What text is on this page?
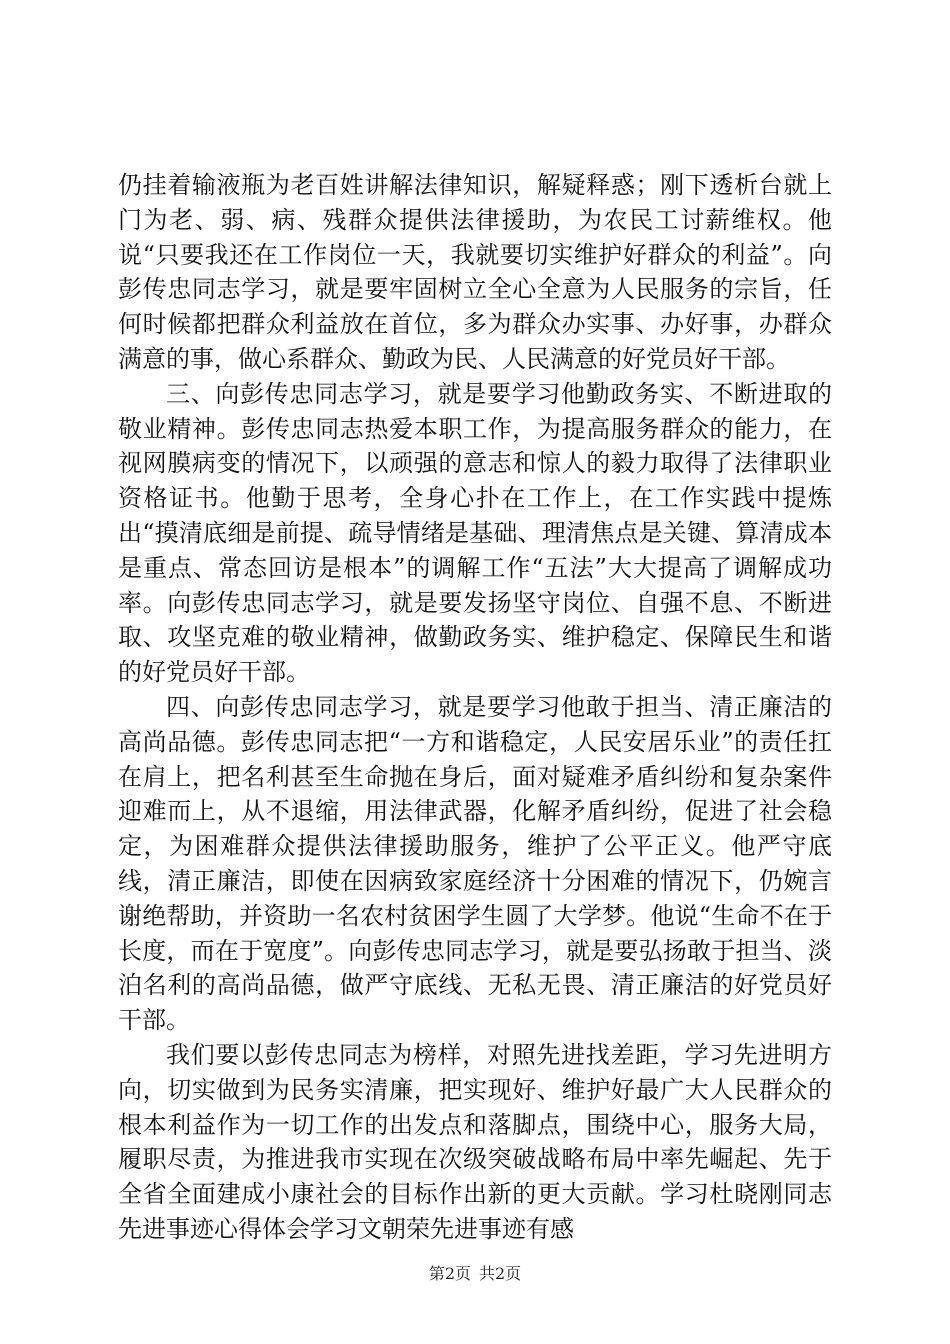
仍挂着输液瓶为老百姓讲解法律知识，解疑释惑；刚下透析台就上门为老、弱、病、残群众提供法律援助，为农民工讨薪维权。他说“只要我还在工作岗位一天，我就要切实维护好群众的利益”。向彭传忠同志学习，就是要牢固树立全心全意为人民服务的宗旨，任何时候都把群众利益放在首位，多为群众办实事、办好事，办群众满意的事，做心系群众、勤政为民、人民满意的好党员好干部。

三、向彭传忠同志学习，就是要学习他勤政务实、不断进取的敬业精神。彭传忠同志热爱本职工作，为提高服务群众的能力，在视网膜病变的情况下，以顽强的意志和惊人的毅力取得了法律职业资格证书。他勤于思考，全身心扑在工作上，在工作实践中提炼出“摸清底细是前提、疏导情绪是基础、理清焦点是关键、算清成本是重点、常态回访是根本”的调解工作“五法”大大提高了调解成功率。向彭传忠同志学习，就是要发扬坚守岗位、自强不息、不断进取、攻坚克难的敬业精神，做勤政务实、维护稳定、保障民生和谐的好党员好干部。

四、向彭传忠同志学习，就是要学习他敢于担当、清正廉洁的高尚品德。彭传忠同志把“一方和谐稳定，人民安居乐业”的责任扛在肩上，把名利甚至生命抛在身后，面对疑难矛盾纠纷和复杂案件迎难而上，从不退缩，用法律武器，化解矛盾纠纷，促进了社会稳定，为困难群众提供法律援助服务，维护了公平正义。他严守底线，清正廉洁，即使在因病致家庭经济十分困难的情况下，仍婉言谢绝帮助，并资助一名农村贫困学生圆了大学梦。他说“生命不在于长度，而在于宽度”。向彭传忠同志学习，就是要弘扬敢于担当、淡泊名利的高尚品德，做严守底线、无私无畏、清正廉洁的好党员好干部。

我们要以彭传忠同志为榜样，对照先进找差距，学习先进明方向，切实做到为民务实清廉，把实现好、维护好最广大人民群众的根本利益作为一切工作的出发点和落脚点，围绕中心，服务大局，履职尽责，为推进我市实现在次级突破战略布局中率先崛起、先于全省全面建成小康社会的目标作出新的更大贡献。学习杜晓刚同志先进事迹心得体会学习文朝荣先进事迹有感

第2页 共2页
